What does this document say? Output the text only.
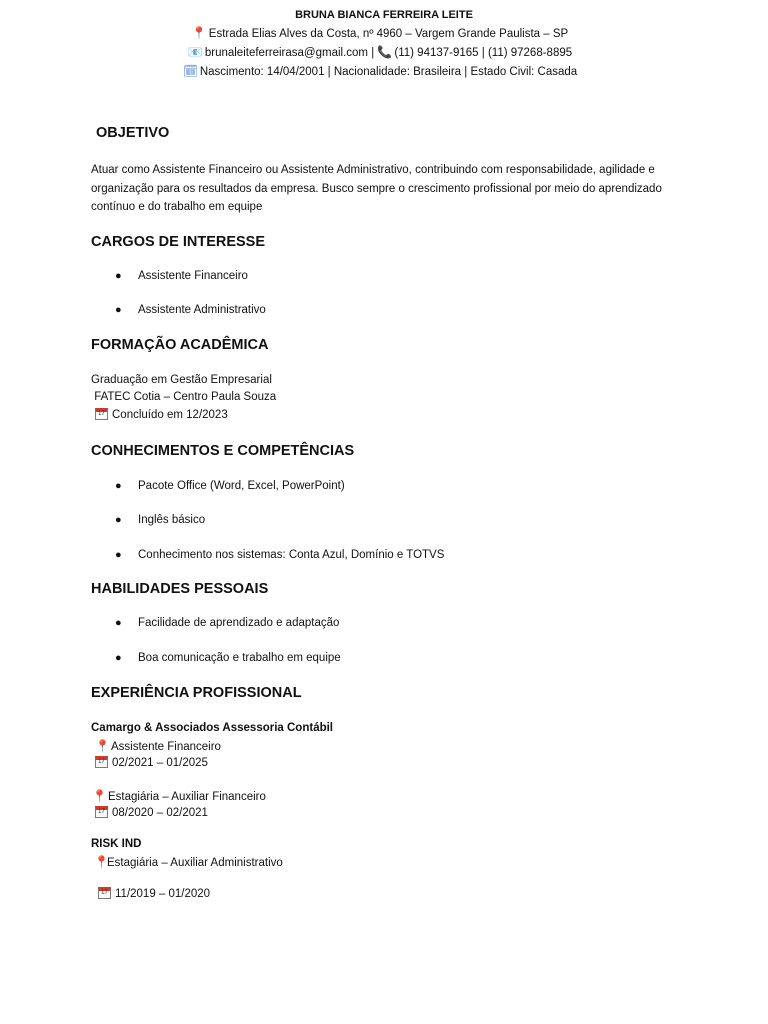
BRUNA BIANCA FERREIRA LEITE
📍 Estrada Elias Alves da Costa, nº 4960 – Vargem Grande Paulista – SP
📧 brunaleiteferreirasa@gmail.com | 📞 (11) 94137-9165 | (11) 97268-8895
🗓 Nascimento: 14/04/2001 | Nacionalidade: Brasileira | Estado Civil: Casada
OBJETIVO
Atuar como Assistente Financeiro ou Assistente Administrativo, contribuindo com responsabilidade, agilidade e organização para os resultados da empresa. Busco sempre o crescimento profissional por meio do aprendizado contínuo e do trabalho em equipe
CARGOS DE INTERESSE
● Assistente Financeiro
● Assistente Administrativo
FORMAÇÃO ACADÊMICA
Graduação em Gestão Empresarial
FATEC Cotia – Centro Paula Souza
17Concluído em 12/2023
CONHECIMENTOS E COMPETÊNCIAS
● Pacote Office (Word, Excel, PowerPoint)
● Inglês básico
● Conhecimento nos sistemas: Conta Azul, Domínio e TOTVS
HABILIDADES PESSOAIS
● Facilidade de aprendizado e adaptação
● Boa comunicação e trabalho em equipe
EXPERIÊNCIA PROFISSIONAL
Camargo & Associados Assessoria Contábil
📍Assistente Financeiro
1702/2021 – 01/2025
📍Estagiária – Auxiliar Financeiro
1708/2020 – 02/2021
RISK IND
📍Estagiária – Auxiliar Administrativo
1711/2019 – 01/2020
